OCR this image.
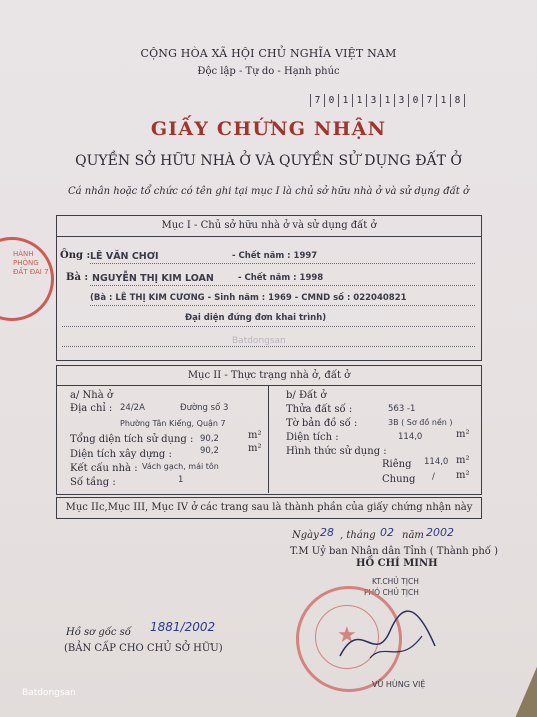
CỘNG HÒA XÃ HỘI CHỦ NGHĨA VIỆT NAM
Độc lập - Tự do - Hạnh phúc
7 0 1 1 3 1 3 0 7 1 8
GIẤY CHỨNG NHẬN
QUYỀN SỞ HỮU NHÀ Ở VÀ QUYỀN SỬ DỤNG ĐẤT Ở
Cá nhân hoặc tổ chức có tên ghi tại mục I là chủ sở hữu nhà ở và sử dụng đất ở
Mục I - Chủ sở hữu nhà ở và sử dụng đất ở
Ông : LÊ VĂN CHƠI	- Chết năm : 1997
Bà : NGUYỄN THỊ KIM LOAN	- Chết năm : 1998
(Bà : LÊ THỊ KIM CƯƠNG - Sinh năm : 1969 - CMND số : 022040821
Đại diện đứng đơn khai trình)
Mục II - Thực trạng nhà ở, đất ở
a/ Nhà ở
Địa chỉ : 24/2A	Đường số 3
Phường Tân Kiểng, Quận 7
Tổng diện tích sử dụng : 90,2	m²
Diện tích xây dựng :	90,2	m²
Kết cấu nhà : Vách gạch, mái tôn
Số tầng :	1
b/ Đất ở
Thửa đất số :	563 -1
Tờ bản đồ số :	3B ( Sơ đồ nền )
Diện tích :	114,0	m²
Hình thức sử dụng :
Riêng 114,0 m²
Chung / m²
Mục IIc,Mục III, Mục IV ở các trang sau là thành phần của giấy chứng nhận này
Ngày 28 , tháng 02 năm 2002
T.M Uỷ ban Nhân dân Tỉnh ( Thành phố )
HỒ CHÍ MINH
KT.CHỦ TỊCH
PHÓ CHỦ TỊCH
★
VŨ HÙNG VIỆ
Hồ sơ gốc số 1881/2002
(BẢN CẤP CHO CHỦ SỞ HỮU)
HÀNH PHÒNG ĐẤT ĐAI 7
Batdongsan
Batdongsan
